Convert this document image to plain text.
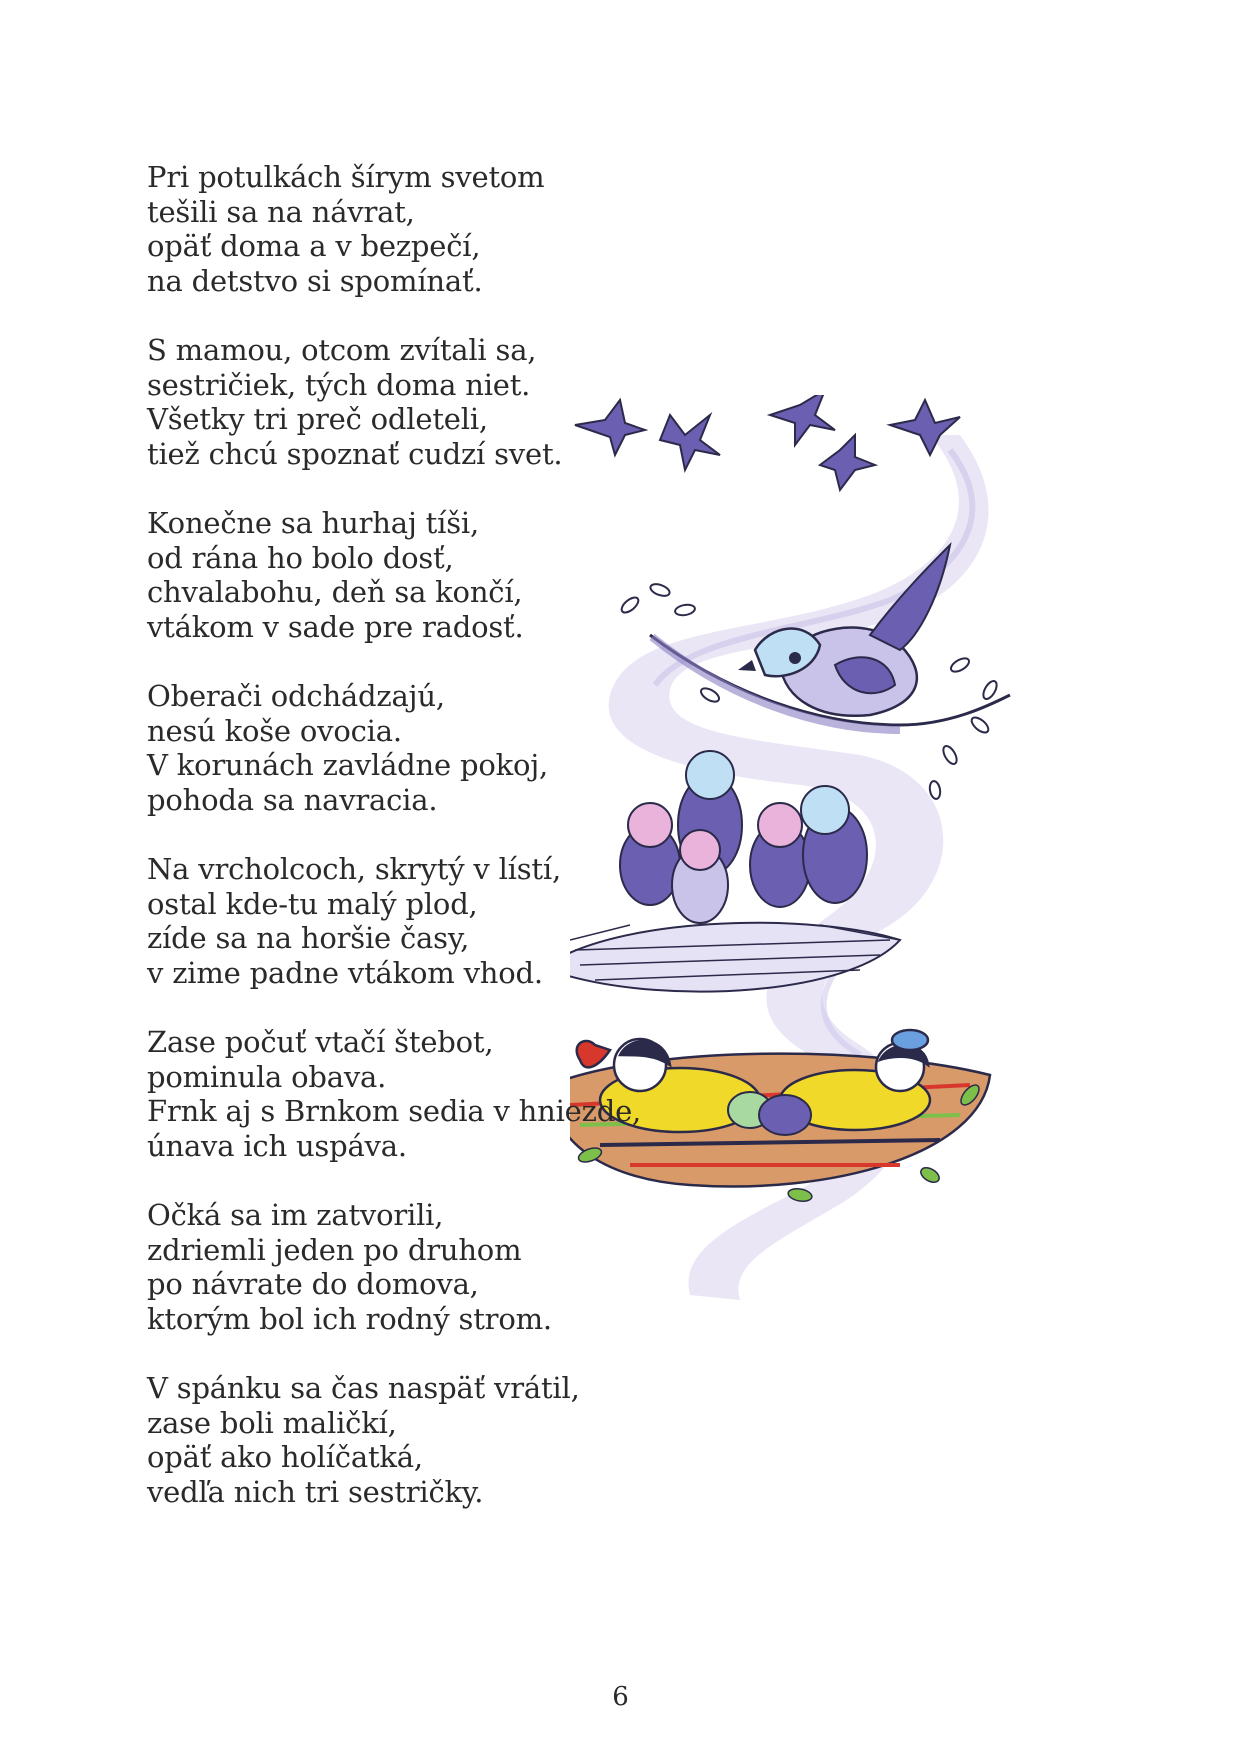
Pri potulkách šírym svetom
tešili sa na návrat,
opäť doma a v bezpečí,
na detstvo si spomínať.

S mamou, otcom zvítali sa,
sestričiek, tých doma niet.
Všetky tri preč odleteli,
tiež chcú spoznať cudzí svet.

Konečne sa hurhaj tíši,
od rána ho bolo dosť,
chvalabohu, deň sa končí,
vtákom v sade pre radosť.

Oberači odchádzajú,
nesú koše ovocia.
V korunách zavládne pokoj,
pohoda sa navracia.

Na vrcholcoch, skrytý v lístí,
ostal kde-tu malý plod,
zíde sa na horšie časy,
v zime padne vtákom vhod.

Zase počuť vtačí štebot,
pominula obava.
Frnk aj s Brnkom sedia v hniezde,
únava ich uspáva.

Očká sa im zatvorili,
zdriemli jeden po druhom
po návrate do domova,
ktorým bol ich rodný strom.

V spánku sa čas naspäť vrátil,
zase boli maličkí,
opäť ako holíčatká,
vedľa nich tri sestričky.

6
